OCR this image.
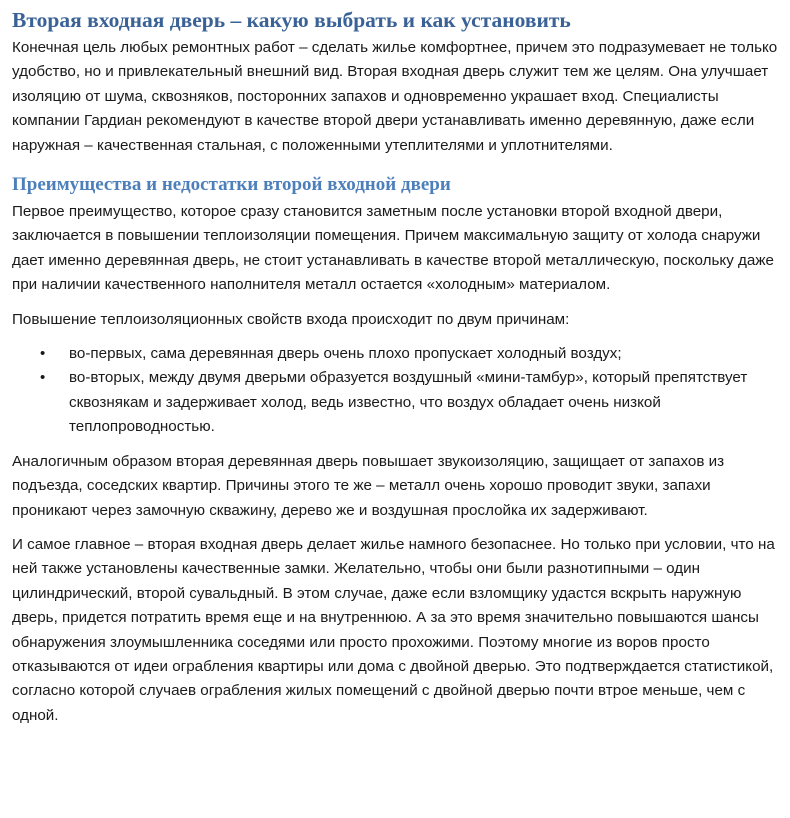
Вторая входная дверь – какую выбрать и как установить

Конечная цель любых ремонтных работ – сделать жилье комфортнее, причем это подразумевает не только удобство, но и привлекательный внешний вид. Вторая входная дверь служит тем же целям. Она улучшает изоляцию от шума, сквозняков, посторонних запахов и одновременно украшает вход. Специалисты компании Гардиан рекомендуют в качестве второй двери устанавливать именно деревянную, даже если наружная – качественная стальная, с положенными утеплителями и уплотнителями.

Преимущества и недостатки второй входной двери

Первое преимущество, которое сразу становится заметным после установки второй входной двери, заключается в повышении теплоизоляции помещения. Причем максимальную защиту от холода снаружи дает именно деревянная дверь, не стоит устанавливать в качестве второй металлическую, поскольку даже при наличии качественного наполнителя металл остается «холодным» материалом.

Повышение теплоизоляционных свойств входа происходит по двум причинам:

• во-первых, сама деревянная дверь очень плохо пропускает холодный воздух;
• во-вторых, между двумя дверьми образуется воздушный «мини-тамбур», который препятствует сквознякам и задерживает холод, ведь известно, что воздух обладает очень низкой теплопроводностью.

Аналогичным образом вторая деревянная дверь повышает звукоизоляцию, защищает от запахов из подъезда, соседских квартир. Причины этого те же – металл очень хорошо проводит звуки, запахи проникают через замочную скважину, дерево же и воздушная прослойка их задерживают.

И самое главное – вторая входная дверь делает жилье намного безопаснее. Но только при условии, что на ней также установлены качественные замки. Желательно, чтобы они были разнотипными – один цилиндрический, второй сувальдный. В этом случае, даже если взломщику удастся вскрыть наружную дверь, придется потратить время еще и на внутреннюю. А за это время значительно повышаются шансы обнаружения злоумышленника соседями или просто прохожими. Поэтому многие из воров просто отказываются от идеи ограбления квартиры или дома с двойной дверью. Это подтверждается статистикой, согласно которой случаев ограбления жилых помещений с двойной дверью почти втрое меньше, чем с одной.
